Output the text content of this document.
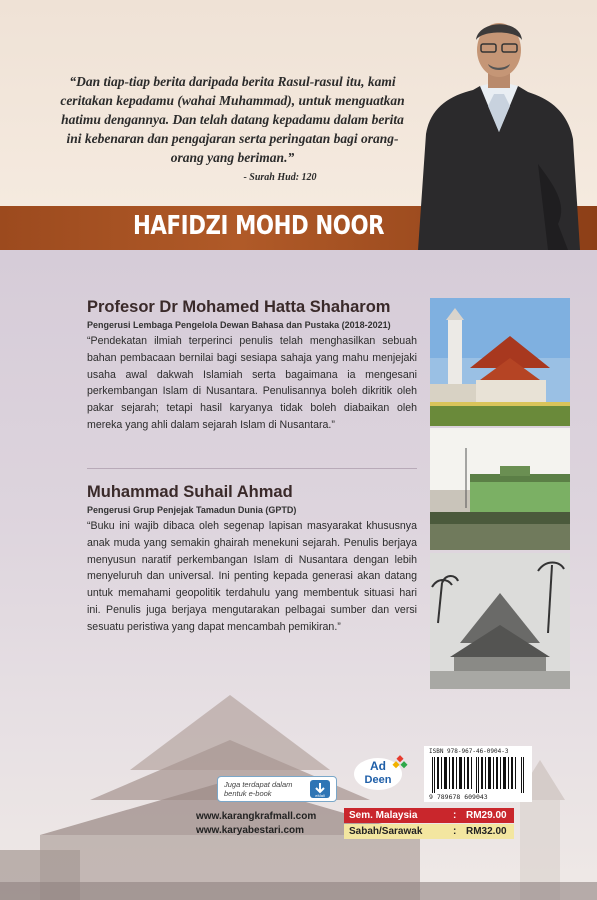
“Dan tiap-tiap berita daripada berita Rasul-rasul itu, kami ceritakan kepadamu (wahai Muhammad), untuk menguatkan hatimu dengannya. Dan telah datang kepadamu dalam berita ini kebenaran dan pengajaran serta peringatan bagi orang-orang yang beriman.”
- Surah Hud: 120
HAFIDZI MOHD NOOR
Profesor Dr Mohamed Hatta Shaharom
Pengerusi Lembaga Pengelola Dewan Bahasa dan Pustaka (2018-2021)
“Pendekatan ilmiah terperinci penulis telah menghasilkan sebuah bahan pembacaan bernilai bagi sesiapa sahaja yang mahu menjejaki usaha awal dakwah Islamiah serta bagaimana ia mengesani perkembangan Islam di Nusantara. Penulisannya boleh dikritik oleh pakar sejarah; tetapi hasil karyanya tidak boleh diabaikan oleh mereka yang ahli dalam sejarah Islam di Nusantara.”
Muhammad Suhail Ahmad
Pengerusi Grup Penjejak Tamadun Dunia (GPTD)
“Buku ini wajib dibaca oleh segenap lapisan masyarakat khususnya anak muda yang semakin ghairah menekuni sejarah. Penulis berjaya menyusun naratif perkembangan Islam di Nusantara dengan lebih menyeluruh dan universal. Ini penting kepada generasi akan datang untuk memahami geopolitik terdahulu yang membentuk situasi hari ini. Penulis juga berjaya mengutarakan pelbagai sumber dan versi sesuatu peristiwa yang dapat mencambah pemikiran.”
Juga terdapat dalam bentuk e-book	eMall
www.karangkrafmall.com
www.karyabestari.com
Ad
Deen
ISBN 978-967-46-0904-3
9 789678 609043
Sem. Malaysia	: RM29.00
Sabah/Sarawak	: RM32.00
